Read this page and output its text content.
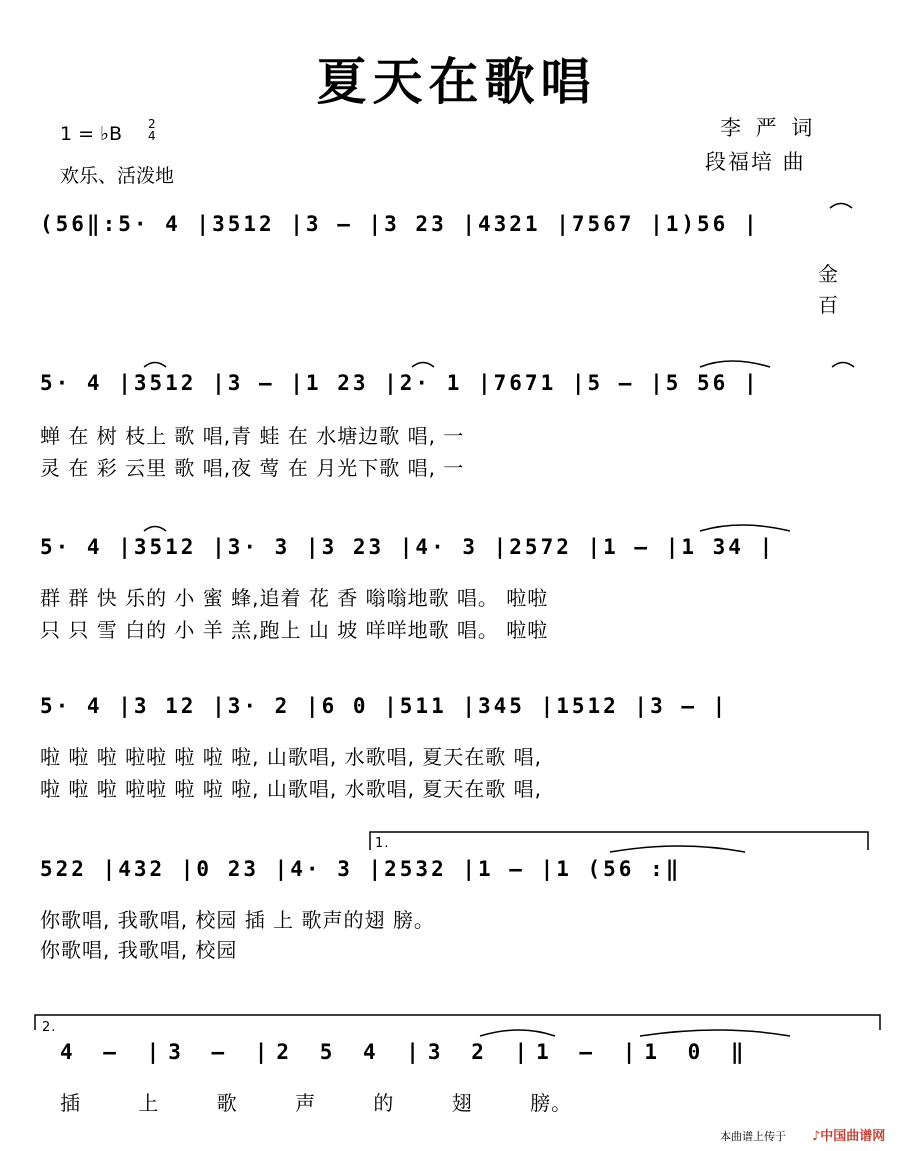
夏天在歌唱
1 = ♭B 2
4
欢乐、活泼地
李 严 词
段福培 曲
(56‖:5· 4 |3512 |3 — |3 23 |4321 |7567 |1)56 |
金
百
5· 4 |3512 |3 — |1 23 |2· 1 |7671 |5 — |5 56 |
蝉 在 树 枝上 歌 唱,青 蛙 在 水塘边歌 唱, 一
灵 在 彩 云里 歌 唱,夜 莺 在 月光下歌 唱, 一
5· 4 |3512 |3· 3 |3 23 |4· 3 |2572 |1 — |1 34 |
群 群 快 乐的 小 蜜 蜂,追着 花 香 嗡嗡地歌 唱。 啦啦
只 只 雪 白的 小 羊 羔,跑上 山 坡 咩咩地歌 唱。 啦啦
5· 4 |3 12 |3· 2 |6 0 |511 |345 |1512 |3 — |
啦 啦 啦 啦啦 啦 啦 啦, 山歌唱, 水歌唱, 夏天在歌 唱,
啦 啦 啦 啦啦 啦 啦 啦, 山歌唱, 水歌唱, 夏天在歌 唱,
1.
522 |432 |0 23 |4· 3 |2532 |1 — |1 (56 :‖
你歌唱, 我歌唱, 校园 插 上 歌声的翅 膀。
你歌唱, 我歌唱, 校园
2.
4 — |3 — |2 5 4 |3 2 |1 — |1 0 ‖
插 上 歌 声 的 翅 膀。
本曲谱上传于 ♪中国曲谱网
